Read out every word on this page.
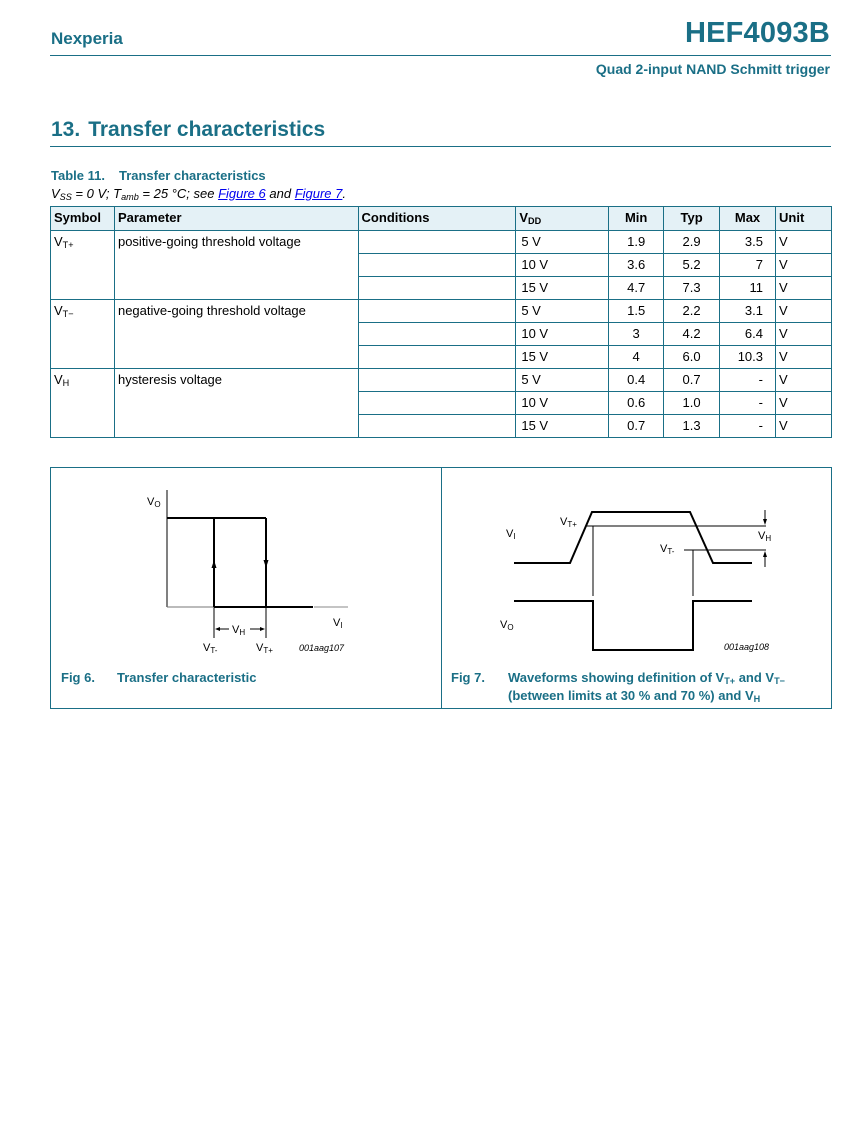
Nexperia	HEF4093B
Quad 2-input NAND Schmitt trigger
13. Transfer characteristics
Table 11. Transfer characteristics
$V_{SS} = 0$ V; $T_{amb} = 25$ °C; see Figure 6 and Figure 7.
Symbol	Parameter	Conditions	$V_{DD}$	Min	Typ	Max	Unit
$V_{T+}$	positive-going threshold voltage		5 V	1.9	2.9	3.5	V
			10 V	3.6	5.2	7	V
			15 V	4.7	7.3	11	V
$V_{T-}$	negative-going threshold voltage		5 V	1.5	2.2	3.1	V
			10 V	3	4.2	6.4	V
			15 V	4	6.0	10.3	V
$V_H$	hysteresis voltage		5 V	0.4	0.7	-	V
			10 V	0.6	1.0	-	V
			15 V	0.7	1.3	-	V
VO
VI
VH
VT-	VT+	001aag107
Fig 6. Transfer characteristic
VI
VO
VT+
VT-
VH
001aag108
Fig 7. Waveforms showing definition of $V_{T+}$ and $V_{T-}$
(between limits at 30 % and 70 %) and $V_H$
